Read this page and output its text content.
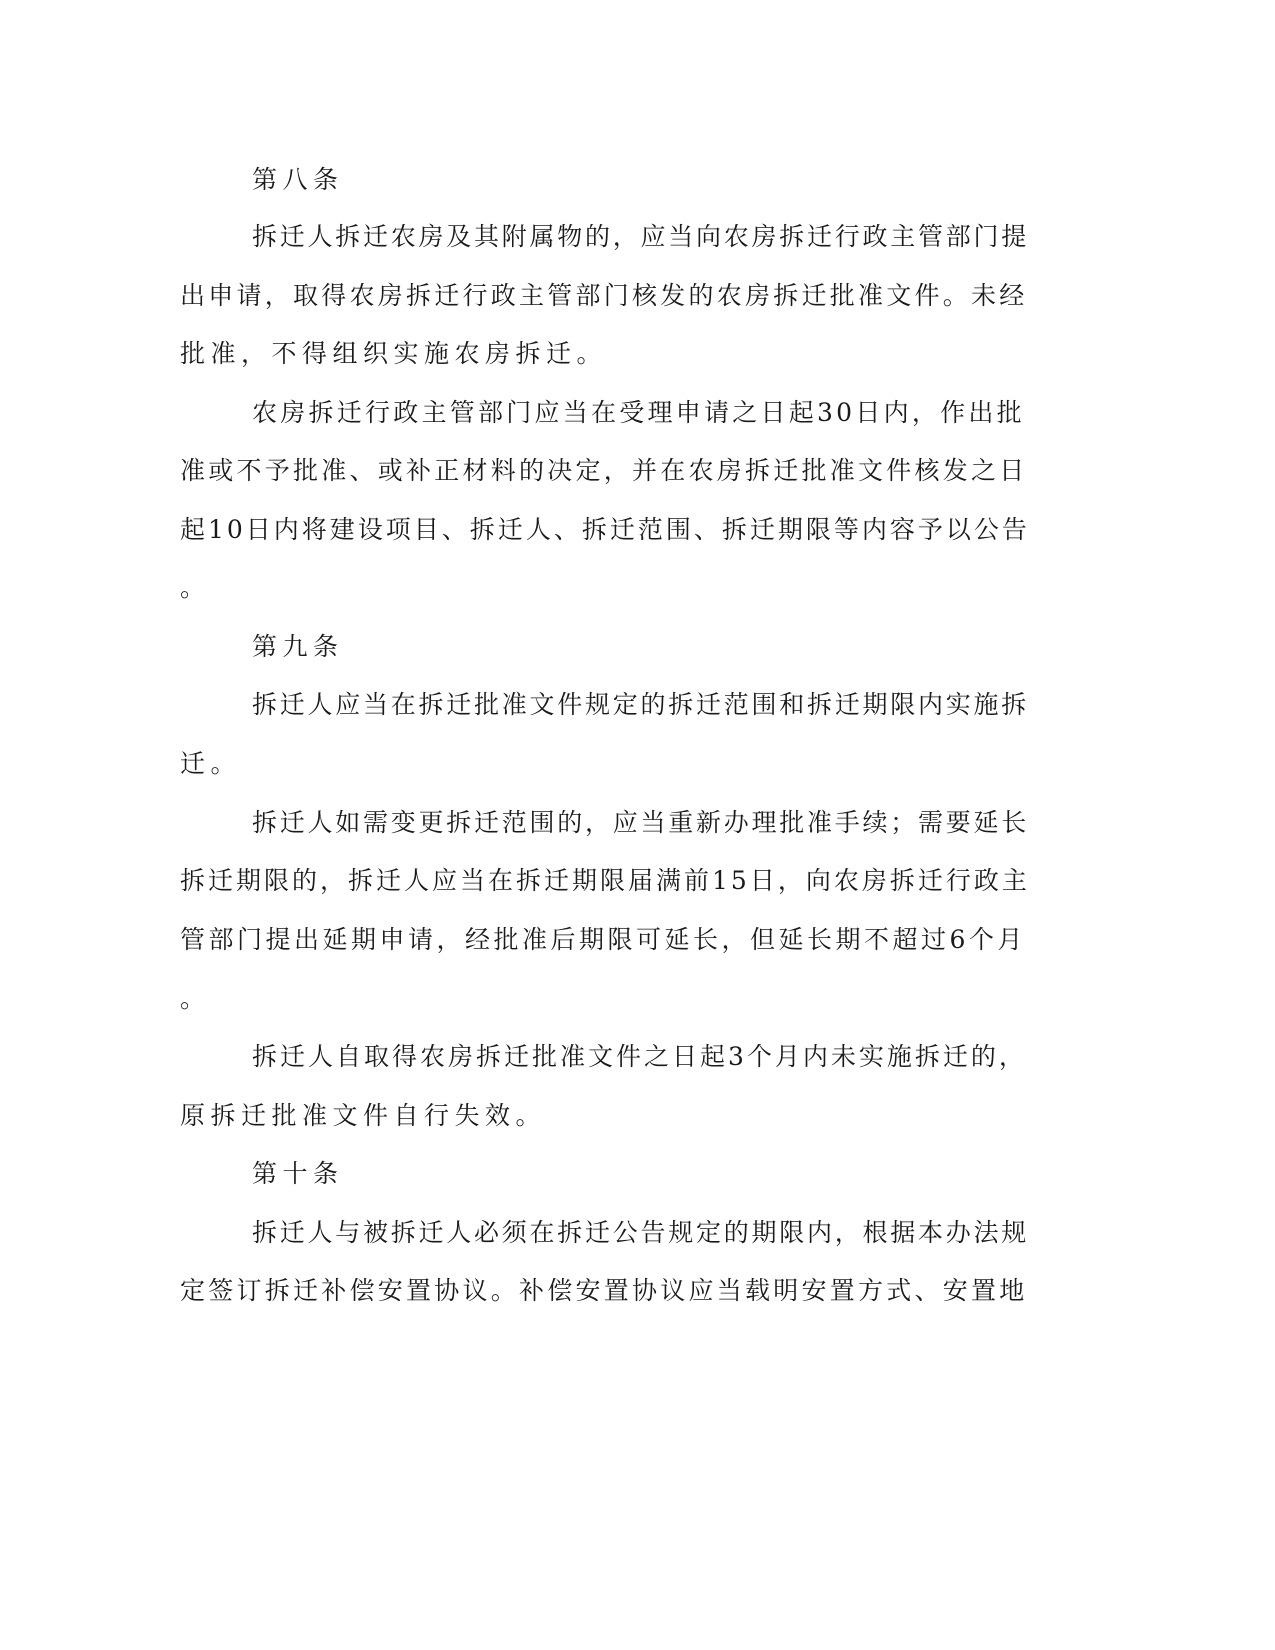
第八条
拆迁人拆迁农房及其附属物的，应当向农房拆迁行政主管部门提
出申请，取得农房拆迁行政主管部门核发的农房拆迁批准文件。未经
批准，不得组织实施农房拆迁。
农房拆迁行政主管部门应当在受理申请之日起30日内，作出批
准或不予批准、或补正材料的决定，并在农房拆迁批准文件核发之日
起10日内将建设项目、拆迁人、拆迁范围、拆迁期限等内容予以公告
。
第九条
拆迁人应当在拆迁批准文件规定的拆迁范围和拆迁期限内实施拆
迁。
拆迁人如需变更拆迁范围的，应当重新办理批准手续；需要延长
拆迁期限的，拆迁人应当在拆迁期限届满前15日，向农房拆迁行政主
管部门提出延期申请，经批准后期限可延长，但延长期不超过6个月
。
拆迁人自取得农房拆迁批准文件之日起3个月内未实施拆迁的，
原拆迁批准文件自行失效。
第十条
拆迁人与被拆迁人必须在拆迁公告规定的期限内，根据本办法规
定签订拆迁补偿安置协议。补偿安置协议应当载明安置方式、安置地
